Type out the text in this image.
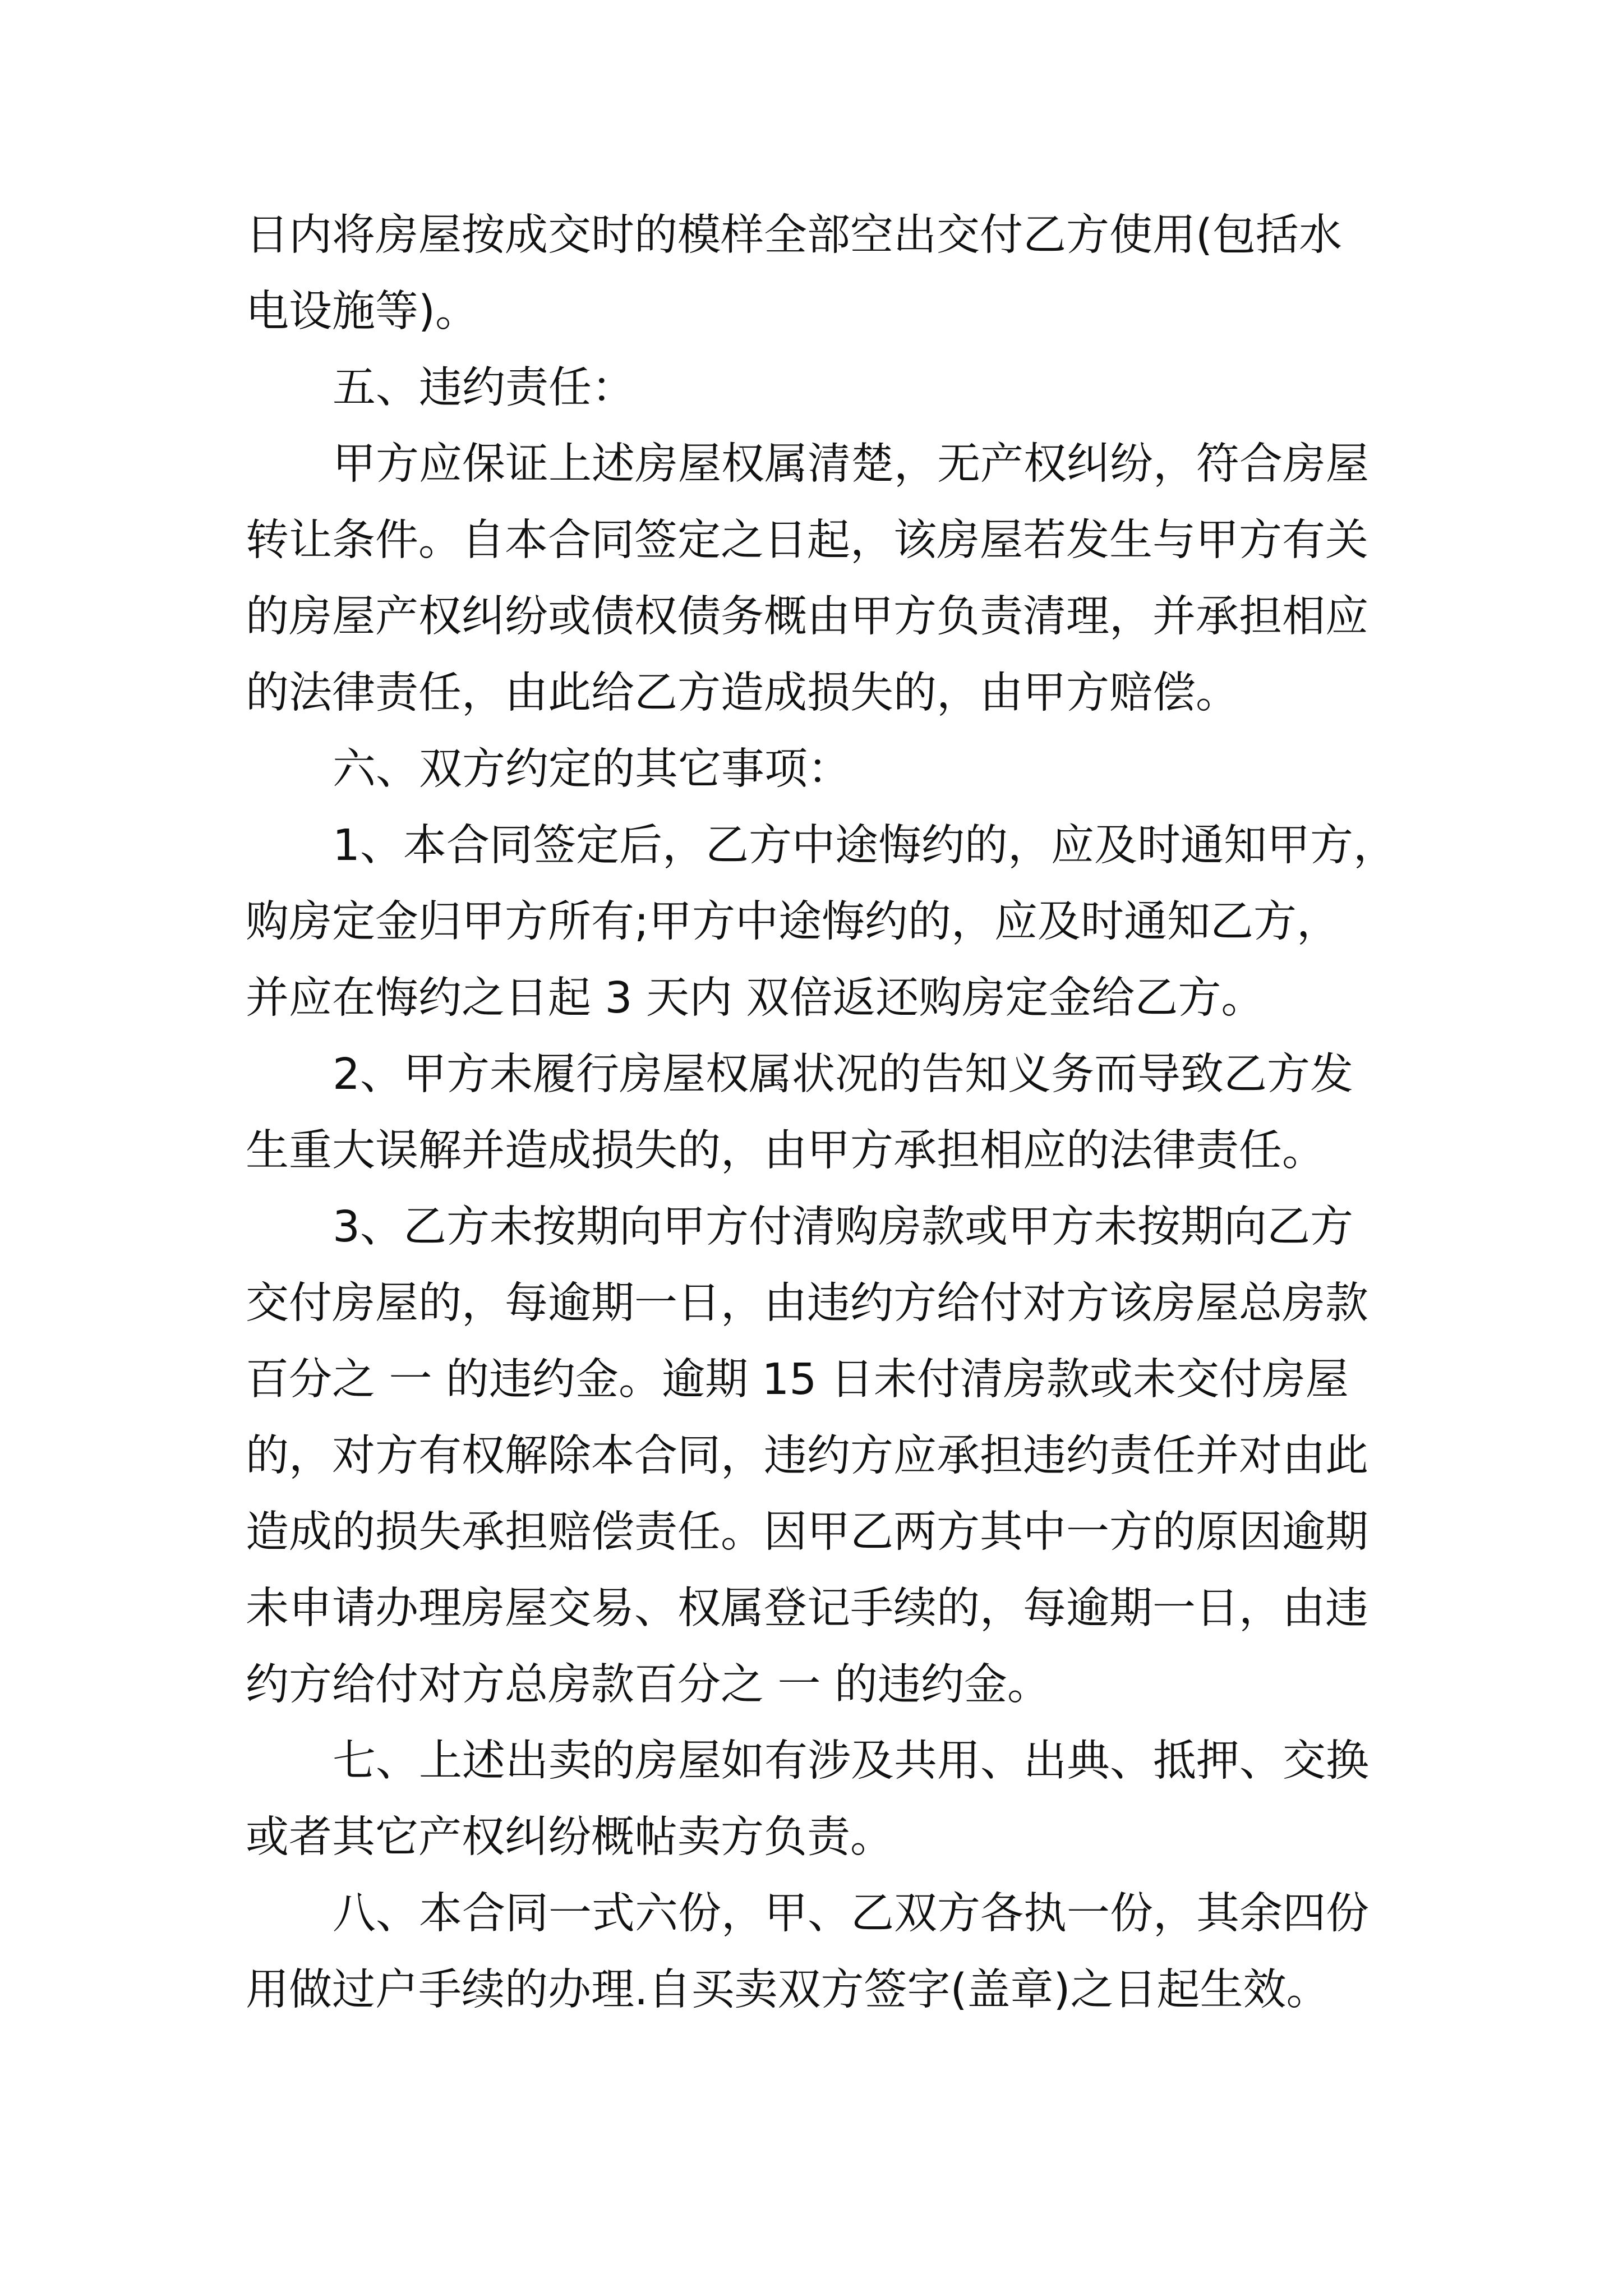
日内将房屋按成交时的模样全部空出交付乙方使用(包括水
电设施等)。
五、违约责任：
甲方应保证上述房屋权属清楚，无产权纠纷，符合房屋
转让条件。自本合同签定之日起，该房屋若发生与甲方有关
的房屋产权纠纷或债权债务概由甲方负责清理，并承担相应
的法律责任，由此给乙方造成损失的，由甲方赔偿。
六、双方约定的其它事项：
1、本合同签定后，乙方中途悔约的，应及时通知甲方，
购房定金归甲方所有;甲方中途悔约的，应及时通知乙方，
并应在悔约之日起 3 天内 双倍返还购房定金给乙方。
2、甲方未履行房屋权属状况的告知义务而导致乙方发
生重大误解并造成损失的，由甲方承担相应的法律责任。
3、乙方未按期向甲方付清购房款或甲方未按期向乙方
交付房屋的，每逾期一日，由违约方给付对方该房屋总房款
百分之 一 的违约金。逾期 15 日未付清房款或未交付房屋
的，对方有权解除本合同，违约方应承担违约责任并对由此
造成的损失承担赔偿责任。因甲乙两方其中一方的原因逾期
未申请办理房屋交易、权属登记手续的，每逾期一日，由违
约方给付对方总房款百分之 一 的违约金。
七、上述出卖的房屋如有涉及共用、出典、抵押、交换
或者其它产权纠纷概帖卖方负责。
八、本合同一式六份，甲、乙双方各执一份，其余四份
用做过户手续的办理.自买卖双方签字(盖章)之日起生效。
